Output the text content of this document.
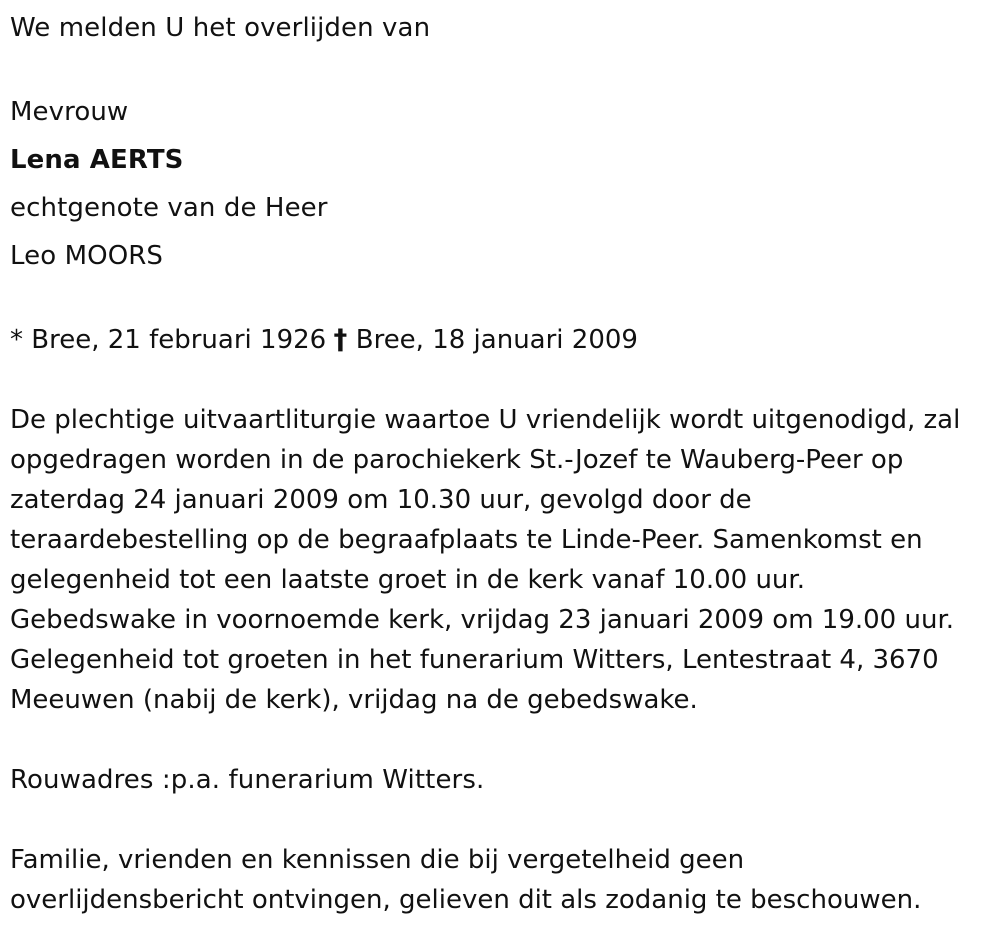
We melden U het overlijden van
Mevrouw
Lena AERTS
echtgenote van de Heer
Leo MOORS
* Bree, 21 februari 1926 † Bree, 18 januari 2009
De plechtige uitvaartliturgie waartoe U vriendelijk wordt uitgenodigd, zal
opgedragen worden in de parochiekerk St.-Jozef te Wauberg-Peer op
zaterdag 24 januari 2009 om 10.30 uur, gevolgd door de
teraardebestelling op de begraafplaats te Linde-Peer. Samenkomst en
gelegenheid tot een laatste groet in de kerk vanaf 10.00 uur.
Gebedswake in voornoemde kerk, vrijdag 23 januari 2009 om 19.00 uur.
Gelegenheid tot groeten in het funerarium Witters, Lentestraat 4, 3670
Meeuwen (nabij de kerk), vrijdag na de gebedswake.
Rouwadres :p.a. funerarium Witters.
Familie, vrienden en kennissen die bij vergetelheid geen
overlijdensbericht ontvingen, gelieven dit als zodanig te beschouwen.
